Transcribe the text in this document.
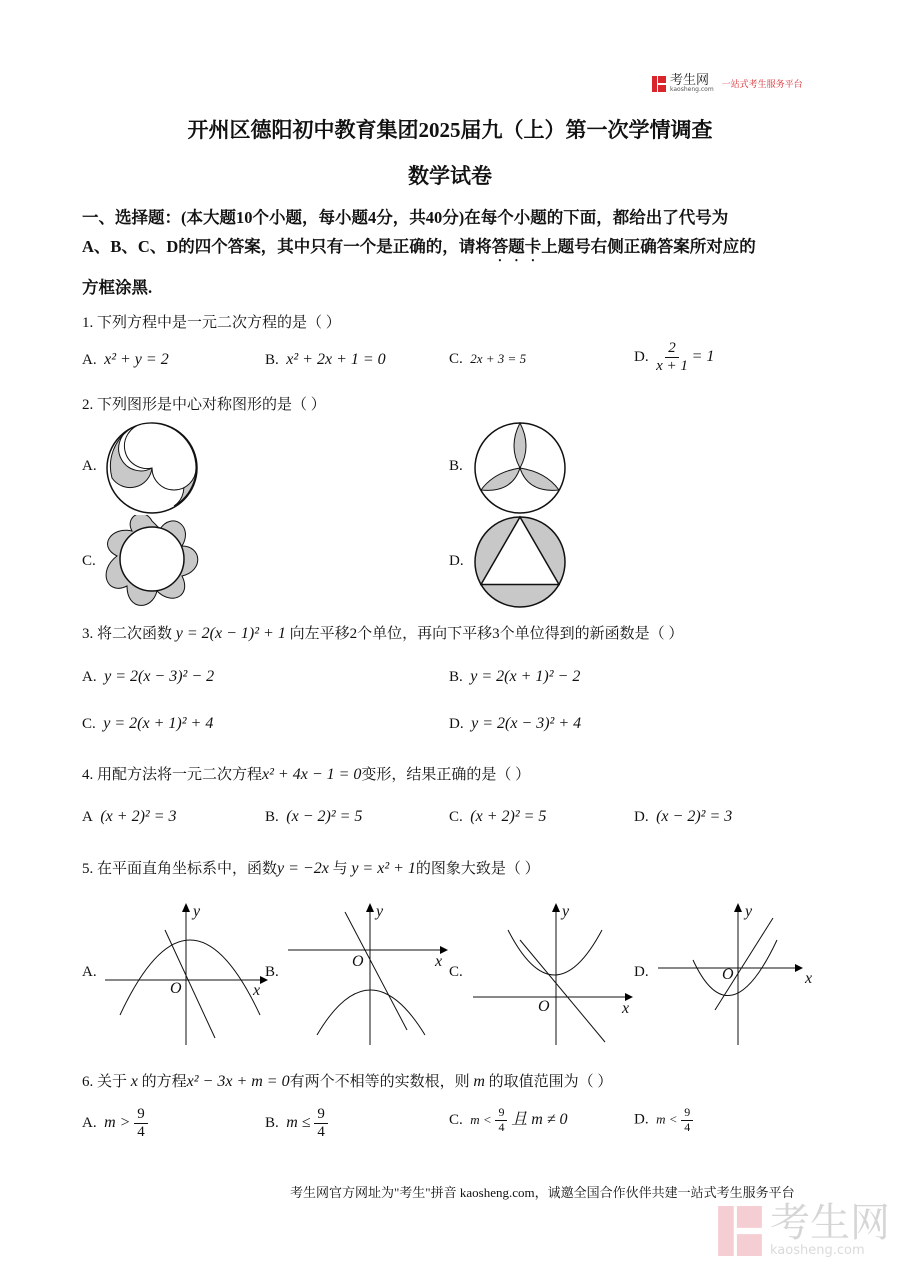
考生网
kaosheng.com 一站式考生服务平台
开州区德阳初中教育集团2025届九（上）第一次学情调查
数学试卷
一、选择题：(本大题10个小题，每小题4分，共40分)在每个小题的下面，都给出了代号为
A、B、C、D的四个答案，其中只有一个是正确的，请将答题卡上题号右侧正确答案所对应的
方框涂黑.
1. 下列方程中是一元二次方程的是（ ）
A. x² + y = 2	B. x² + 2x + 1 = 0	C. 2x + 3 = 5	D. $\frac{2}{x + 1} = 1$
2. 下列图形是中心对称图形的是（ ）
A.	B.
C.	D.
3. 将二次函数 y = 2(x − 1)² + 1 向左平移2个单位，再向下平移3个单位得到的新函数是（ ）
A. y = 2(x − 3)² − 2	B. y = 2(x + 1)² − 2
C. y = 2(x + 1)² + 4	D. y = 2(x − 3)² + 4
4. 用配方法将一元二次方程x² + 4x − 1 = 0变形，结果正确的是（ ）
A (x + 2)² = 3	B. (x − 2)² = 5	C. (x + 2)² = 5	D. (x − 2)² = 3
5. 在平面直角坐标系中，函数y = −2x 与 y = x² + 1的图象大致是（ ）
A.	B.	C.	D.
y
x
O
y
x
O
y
x
O
y
x
O
6. 关于 x 的方程x² − 3x + m = 0有两个不相等的实数根，则 m 的取值范围为（ ）
A. $m > \frac{9}{4}$	B. $m \le \frac{9}{4}$	C. $m < \frac{9}{4}$ 且 m ≠ 0	D. $m < \frac{9}{4}$
考生网官方网址为"考生"拼音 kaosheng.com，诚邀全国合作伙伴共建一站式考生服务平台
考生网
kaosheng.com
